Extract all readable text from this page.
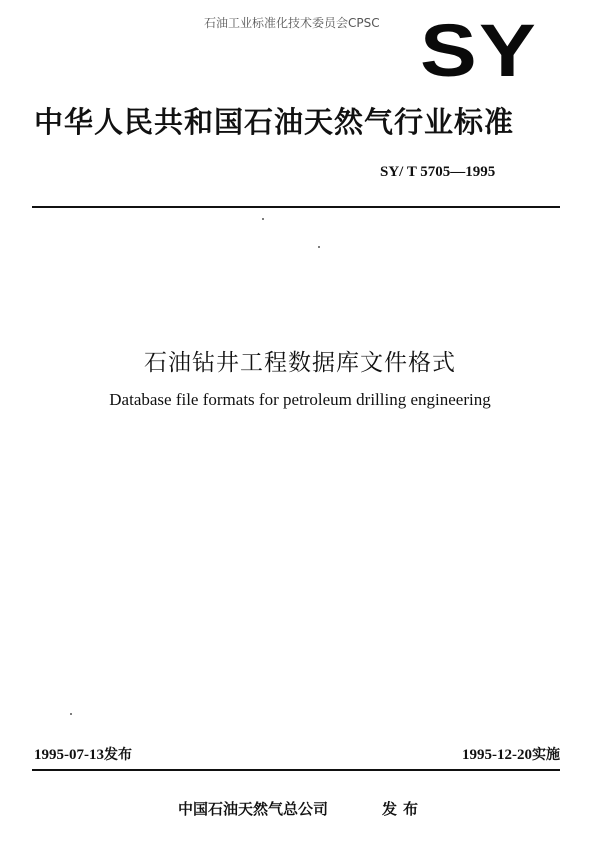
石油工业标准化技术委员会CPSC SY
中华人民共和国石油天然气行业标准
SY/ T 5705—1995
石油钻井工程数据库文件格式
Database file formats for petroleum drilling engineering
1995-07-13发布	1995-12-20实施
中国石油天然气总公司	发布
